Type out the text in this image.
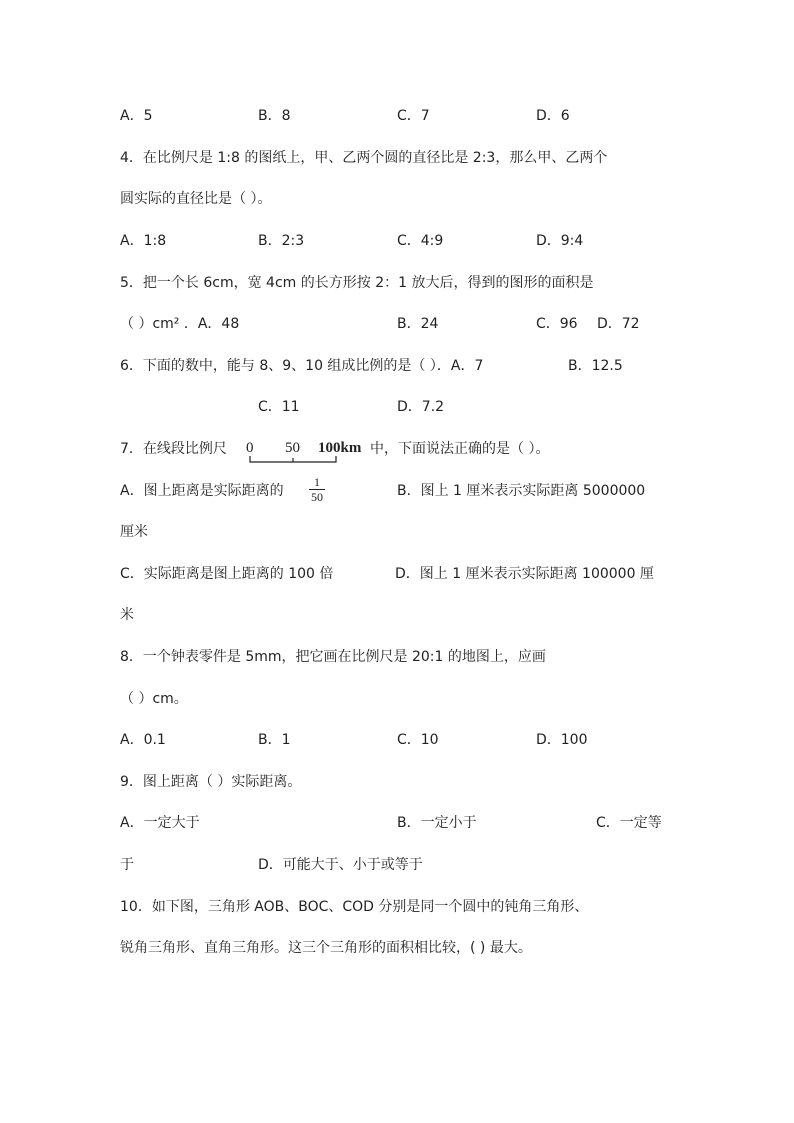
A．5	B．8	C．7	D．6
4．在比例尺是 1:8 的图纸上，甲、乙两个圆的直径比是 2:3，那么甲、乙两个
圆实际的直径比是（ ）。
A．1:8	B．2:3	C．4:9	D．9:4
5．把一个长 6cm，宽 4cm 的长方形按 2：1 放大后，得到的图形的面积是
（ ）cm² ．A．48	B．24	C．96 D．72
6．下面的数中，能与 8、9、10 组成比例的是（ ）．A．7	B．12.5
C．11	D．7.2
7．在线段比例尺 0 50 100km 中，下面说法正确的是（ ）。
A．图上距离是实际距离的
1
50	B．图上 1 厘米表示实际距离 5000000
厘米
C．实际距离是图上距离的 100 倍	D．图上 1 厘米表示实际距离 100000 厘
米
8．一个钟表零件是 5mm，把它画在比例尺是 20:1 的地图上，应画
（ ）cm。
A．0.1	B．1	C．10	D．100
9．图上距离（ ）实际距离。
A．一定大于	B．一定小于	C．一定等
于	D．可能大于、小于或等于
10．如下图，三角形 AOB、BOC、COD 分别是同一个圆中的钝角三角形、
锐角三角形、直角三角形。这三个三角形的面积相比较，( ) 最大。
